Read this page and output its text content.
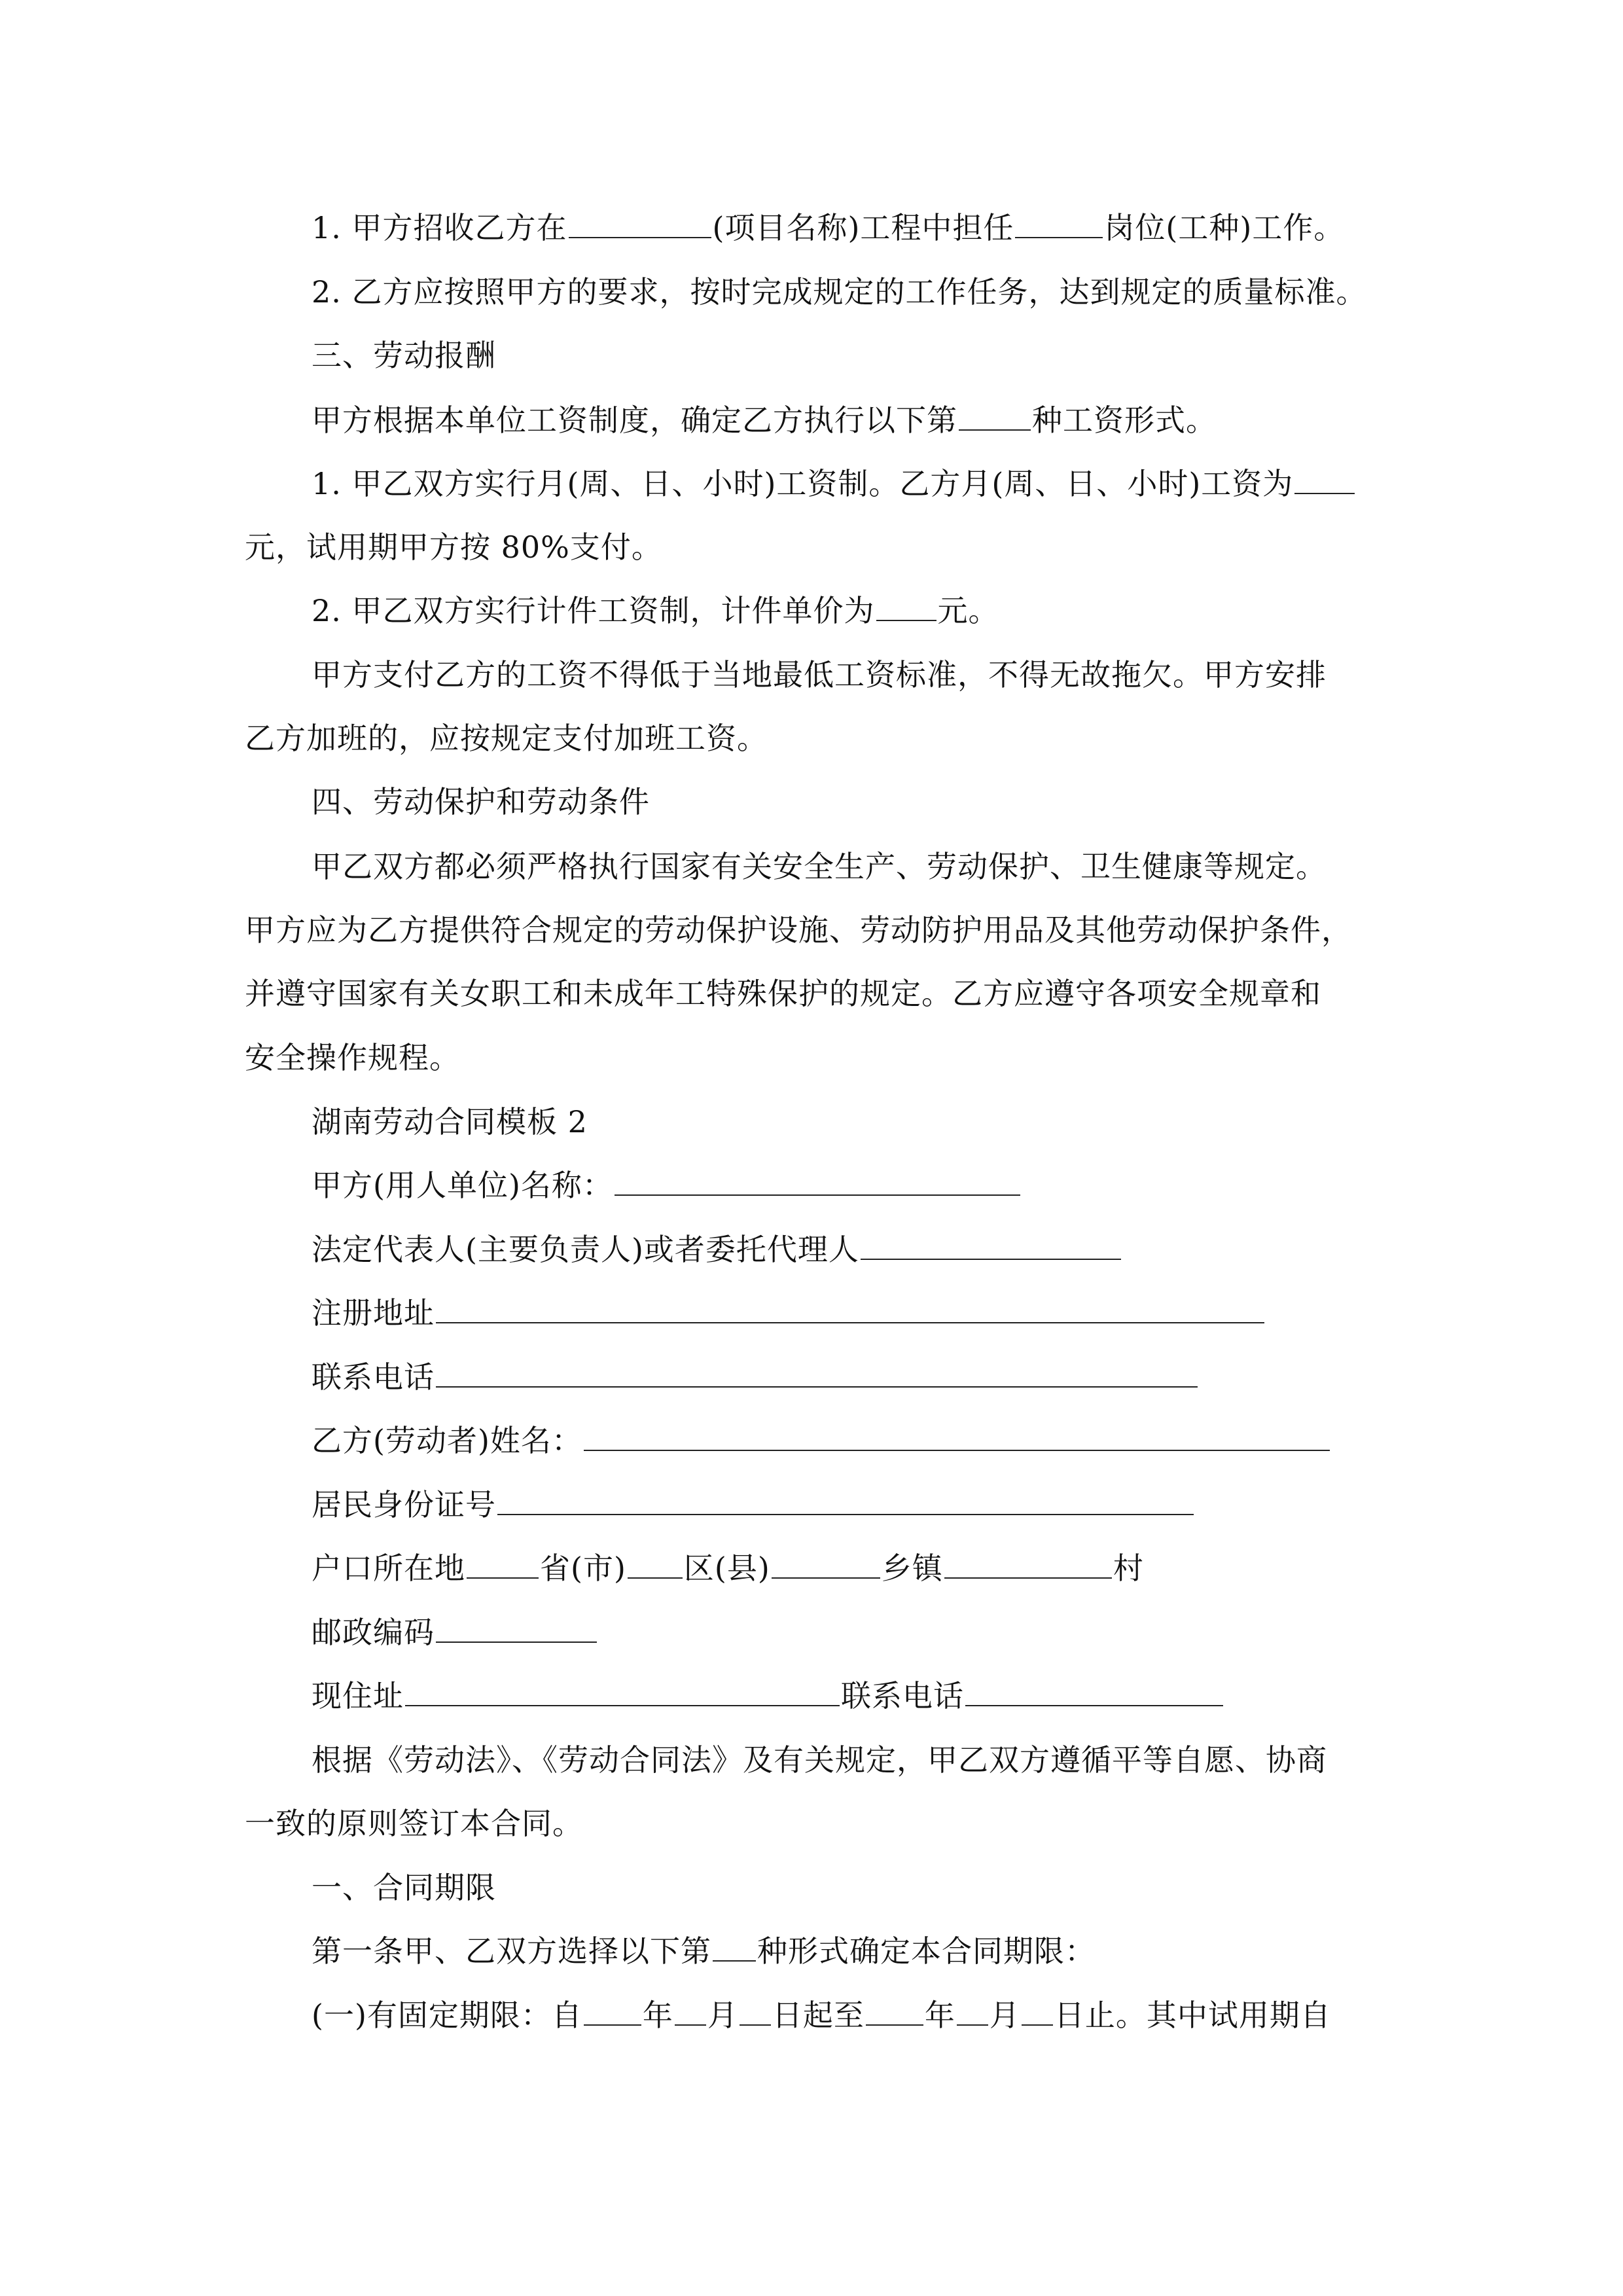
1. 甲方招收乙方在	(项目名称)工程中担任	岗位(工种)工作。
2. 乙方应按照甲方的要求，按时完成规定的工作任务，达到规定的质量标准。
三、劳动报酬
甲方根据本单位工资制度，确定乙方执行以下第 种工资形式。
1. 甲乙双方实行月(周、日、小时)工资制。乙方月(周、日、小时)工资为
元，试用期甲方按 80%支付。
2. 甲乙双方实行计件工资制，计件单价为 元。
甲方支付乙方的工资不得低于当地最低工资标准，不得无故拖欠。甲方安排
乙方加班的，应按规定支付加班工资。
四、劳动保护和劳动条件
甲乙双方都必须严格执行国家有关安全生产、劳动保护、卫生健康等规定。
甲方应为乙方提供符合规定的劳动保护设施、劳动防护用品及其他劳动保护条件，
并遵守国家有关女职工和未成年工特殊保护的规定。乙方应遵守各项安全规章和
安全操作规程。
湖南劳动合同模板 2
甲方(用人单位)名称：
法定代表人(主要负责人)或者委托代理人
注册地址
联系电话
乙方(劳动者)姓名：
居民身份证号
户口所在地 省(市) 区(县)	乡镇	村
邮政编码
现住址	联系电话
根据《劳动法》、《劳动合同法》及有关规定，甲乙双方遵循平等自愿、协商
一致的原则签订本合同。
一、合同期限
第一条甲、乙双方选择以下第 种形式确定本合同期限：
(一)有固定期限：自 年 月 日起至 年 月 日止。其中试用期自
